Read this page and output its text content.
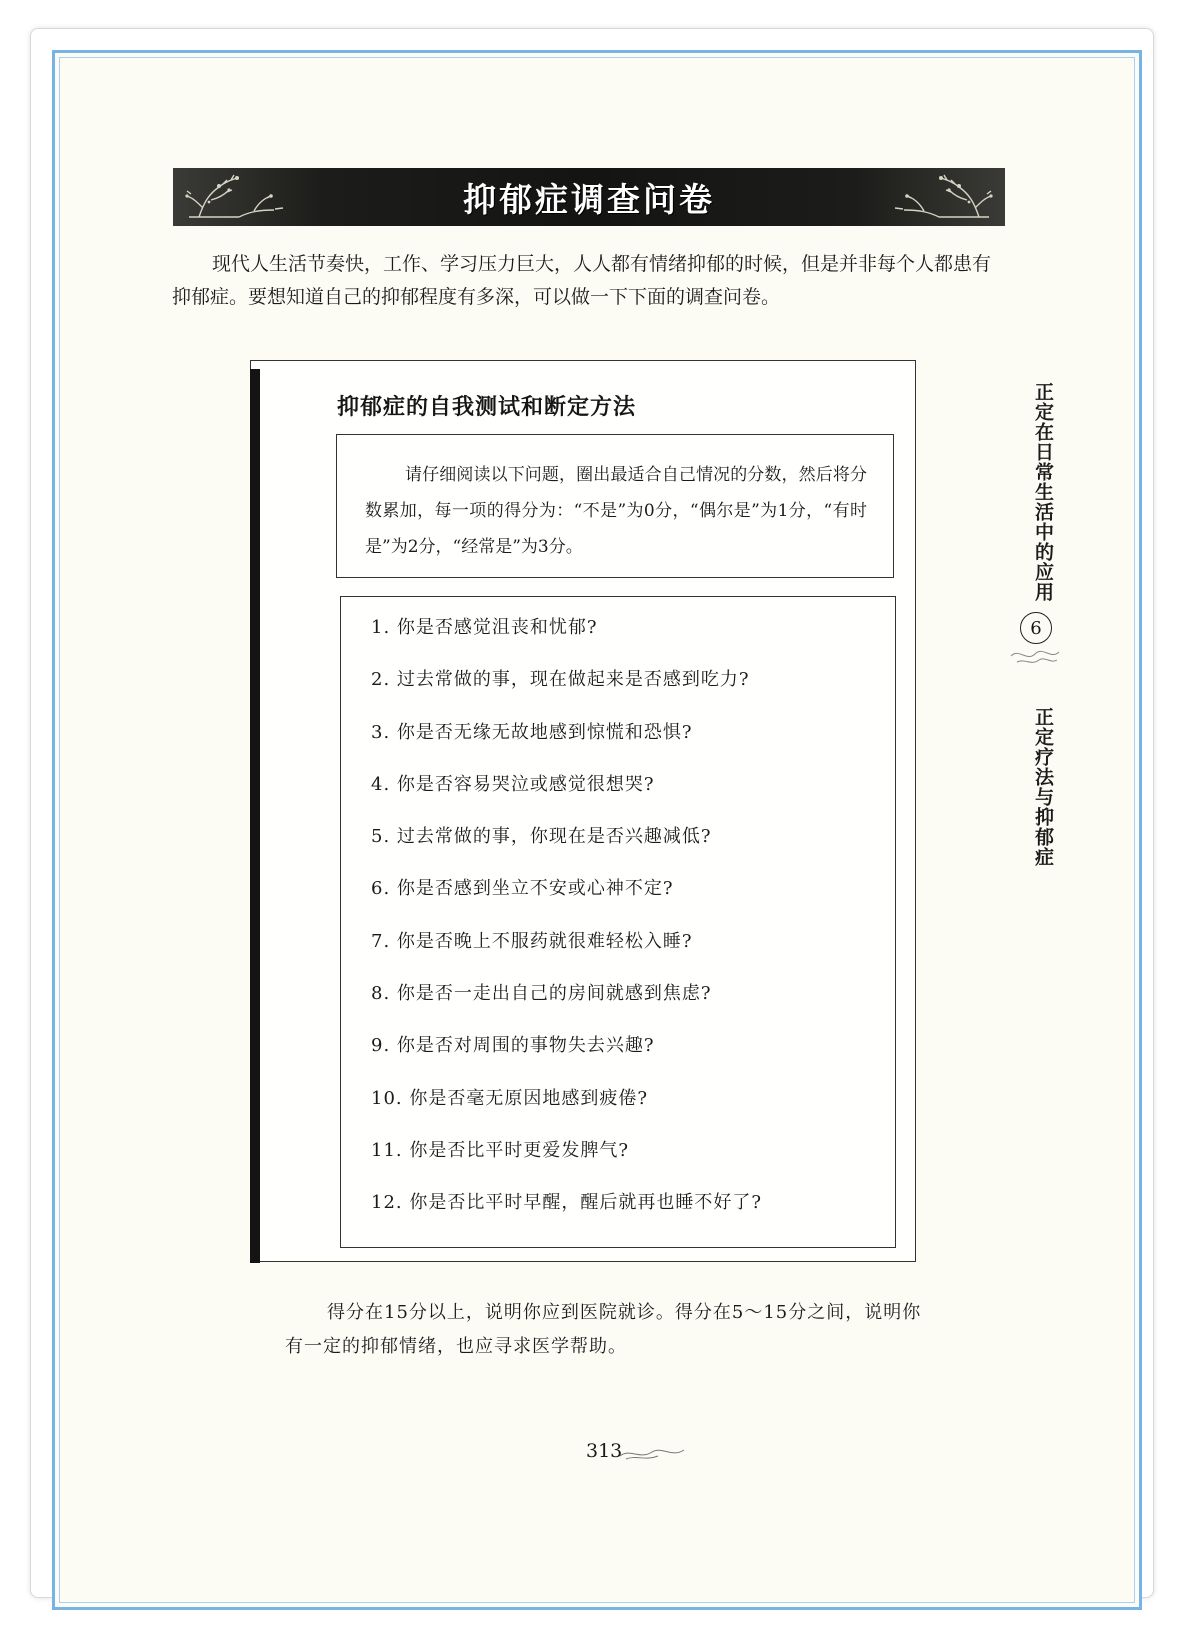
抑郁症调查问卷

现代人生活节奏快，工作、学习压力巨大，人人都有情绪抑郁的时候，但是并非每个人都患有抑郁症。要想知道自己的抑郁程度有多深，可以做一下下面的调查问卷。

正定在日常生活中的应用
6
正定疗法与抑郁症
抑郁症的自我测试和断定方法

请仔细阅读以下问题，圈出最适合自己情况的分数，然后将分数累加，每一项的得分为：“不是”为0分，“偶尔是”为1分，“有时是”为2分，“经常是”为3分。

1. 你是否感觉沮丧和忧郁?
2. 过去常做的事，现在做起来是否感到吃力?
3. 你是否无缘无故地感到惊慌和恐惧?
4. 你是否容易哭泣或感觉很想哭?
5. 过去常做的事，你现在是否兴趣减低?
6. 你是否感到坐立不安或心神不定?
7. 你是否晚上不服药就很难轻松入睡?
8. 你是否一走出自己的房间就感到焦虑?
9. 你是否对周围的事物失去兴趣?
10. 你是否毫无原因地感到疲倦?
11. 你是否比平时更爱发脾气?
12. 你是否比平时早醒，醒后就再也睡不好了?

得分在15分以上，说明你应到医院就诊。得分在5～15分之间，说明你有一定的抑郁情绪，也应寻求医学帮助。

313
